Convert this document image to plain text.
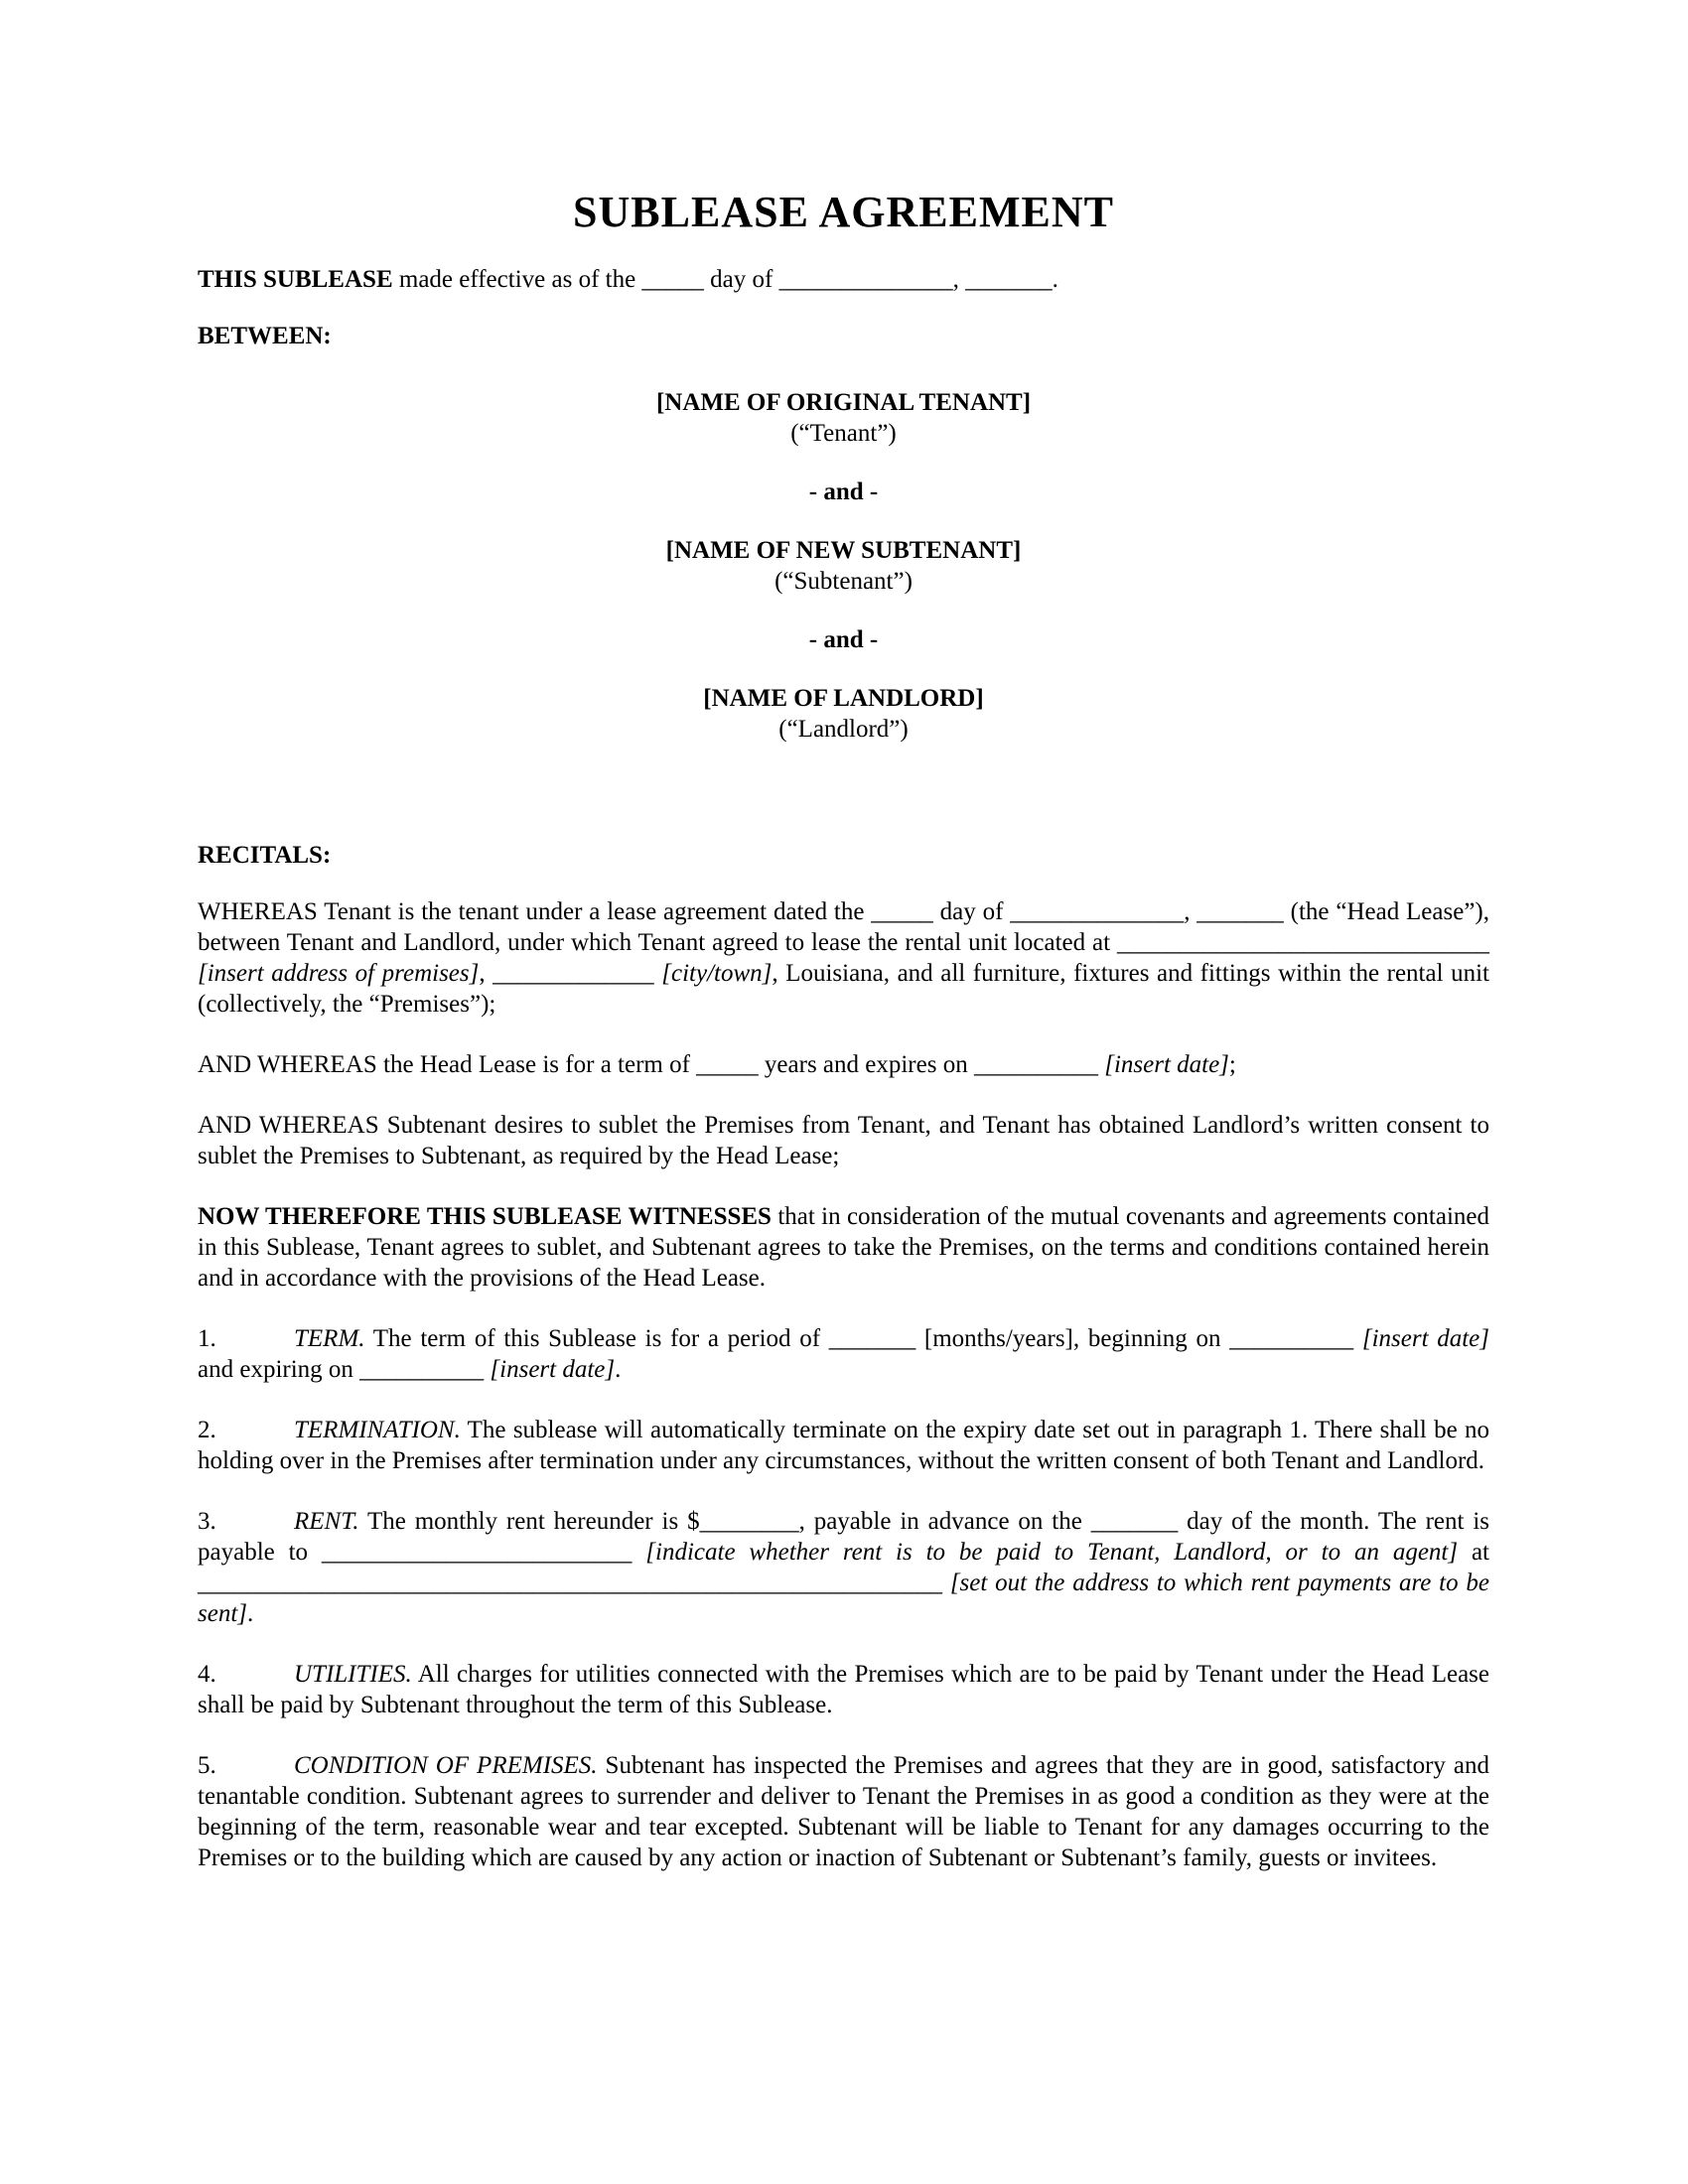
SUBLEASE AGREEMENT

THIS SUBLEASE made effective as of the _____ day of ______________, _______.

BETWEEN:

[NAME OF ORIGINAL TENANT]
(“Tenant”)
- and -
[NAME OF NEW SUBTENANT]
(“Subtenant”)
- and -
[NAME OF LANDLORD]
(“Landlord”)

RECITALS:

WHEREAS Tenant is the tenant under a lease agreement dated the _____ day of ______________, _______ (the “Head Lease”), between Tenant and Landlord, under which Tenant agreed to lease the rental unit located at ______________________________ [insert address of premises], _____________ [city/town], Louisiana, and all furniture, fixtures and fittings within the rental unit (collectively, the “Premises”);

AND WHEREAS the Head Lease is for a term of _____ years and expires on __________ [insert date];

AND WHEREAS Subtenant desires to sublet the Premises from Tenant, and Tenant has obtained Landlord’s written consent to sublet the Premises to Subtenant, as required by the Head Lease;

NOW THEREFORE THIS SUBLEASE WITNESSES that in consideration of the mutual covenants and agreements contained in this Sublease, Tenant agrees to sublet, and Subtenant agrees to take the Premises, on the terms and conditions contained herein and in accordance with the provisions of the Head Lease.

1.	TERM. The term of this Sublease is for a period of _______ [months/years], beginning on __________ [insert date] and expiring on __________ [insert date].

2.	TERMINATION. The sublease will automatically terminate on the expiry date set out in paragraph 1. There shall be no holding over in the Premises after termination under any circumstances, without the written consent of both Tenant and Landlord.

3.	RENT. The monthly rent hereunder is $________, payable in advance on the _______ day of the month. The rent is payable to _________________________ [indicate whether rent is to be paid to Tenant, Landlord, or to an agent] at ____________________________________________________________ [set out the address to which rent payments are to be sent].

4.	UTILITIES. All charges for utilities connected with the Premises which are to be paid by Tenant under the Head Lease shall be paid by Subtenant throughout the term of this Sublease.

5.	CONDITION OF PREMISES. Subtenant has inspected the Premises and agrees that they are in good, satisfactory and tenantable condition. Subtenant agrees to surrender and deliver to Tenant the Premises in as good a condition as they were at the beginning of the term, reasonable wear and tear excepted. Subtenant will be liable to Tenant for any damages occurring to the Premises or to the building which are caused by any action or inaction of Subtenant or Subtenant’s family, guests or invitees.
